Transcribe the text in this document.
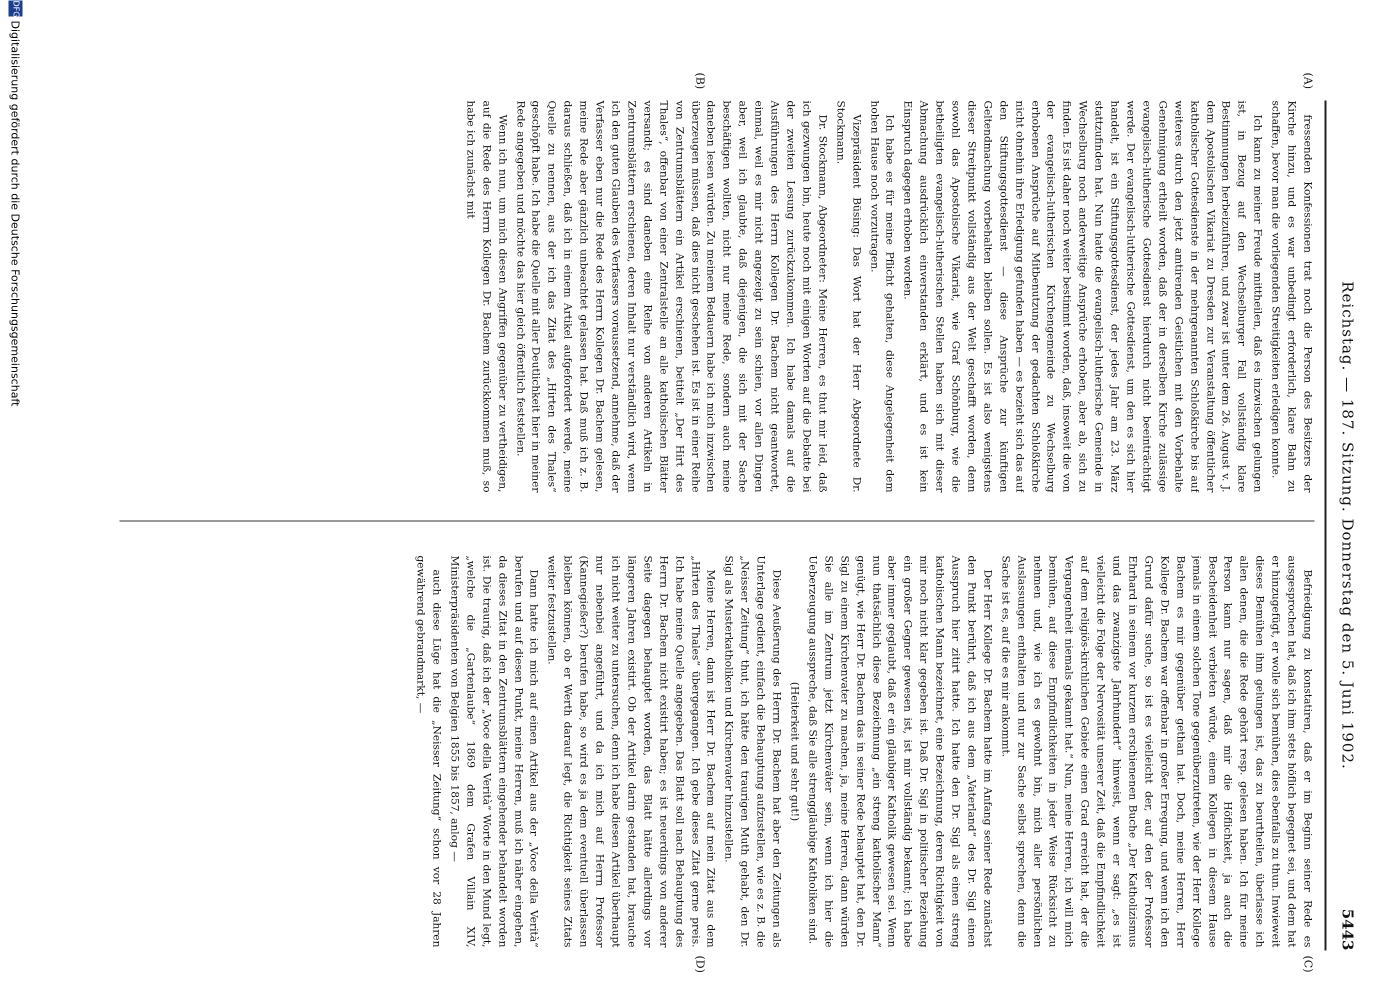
Reichstag. — 187. Sitzung. Donnerstag den 5. Juni 1902.
5443
(A)
(B)
(C)
(D)

fressenden Konfessionen trat noch die Person des Besitzers der Kirche hinzu, und es war unbedingt erforderlich, klare Bahn zu schaffen, bevor man die vorliegenden Streitigkeiten erledigen konnte.

Ich kann zu meiner Freude mittheilen, daß es inzwischen gelungen ist, in Bezug auf den Wechselburger Fall vollständig klare Bestimmungen herbeizuführen, und zwar ist unter dem 26. August v. J. dem Apostolischen Vikariat zu Dresden zur Veranstaltung öffentlicher katholischer Gottesdienste in der mehrgenannten Schloßkirche bis auf weiteres durch den jetzt amtirenden Geistlichen mit den Vorbehalte Genehmigung ertheilt worden, daß der in derselben Kirche zulässige evangelisch-lutherische Gottesdienst hierdurch nicht beeinträchtigt werde. Der evangelisch-lutherische Gottesdienst, um den es sich hier handelt, ist ein Stiftungsgottesdienst, der jedes Jahr am 23. März stattzufinden hat. Nun hatte die evangelisch-lutherische Gemeinde in Wechselburg noch anderweitige Ansprüche erhoben, aber ab, sich zu finden. Es ist daher noch weiter bestimmt worden, daß, insoweit die von der evangelisch-lutherischen Kirchengemeinde zu Wechselburg erhobenen Ansprüche auf Mitbenutzung der gedachten Schloßkirche nicht ohnehin ihre Erledigung gefunden haben — es bezieht sich das auf den Stiftungsgottesdienst — diese Ansprüche zur künftigen Geltendmachung vorbehalten bleiben sollen. Es ist also wenigstens dieser Streitpunkt vollständig aus der Welt geschafft worden, denn sowohl das Apostolische Vikariat, wie Graf Schönburg, wie die betheiligten evangelisch-lutherischen Stellen haben sich mit dieser Abmachung ausdrücklich einverstanden erklärt, und es ist kein Einspruch dagegen erhoben worden.

Ich habe es für meine Pflicht gehalten, diese Angelegenheit dem hohen Hause noch vorzutragen.

Vizepräsident Büsing: Das Wort hat der Herr Abgeordnete Dr. Stockmann.

Dr. Stockmann, Abgeordneter: Meine Herren, es thut mir leid, daß ich gezwungen bin, heute noch mit einigen Worten auf die Debatte bei der zweiten Lesung zurückzukommen. Ich habe damals auf die Ausführungen des Herrn Kollegen Dr. Bachem nicht geantwortet, einmal, weil es mir nicht angezeigt zu sein schien, vor allen Dingen aber, weil ich glaubte, daß diejenigen, die sich mit der Sache beschäftigen wollten, nicht nur meine Rede, sondern auch meine daneben lesen würden. Zu meinem Bedauern habe ich mich inzwischen überzeugen müssen, daß dies nicht geschehen ist. Es ist in einer Reihe von Zentrumsblättern ein Artikel erschienen, betitelt „Der Hirt des Thales“, offenbar von einer Zentralstelle an alle katholischen Blätter versandt; es sind daneben eine Reihe von anderen Artikeln in Zentrumsblättern erschienen, deren Inhalt nur verständlich wird, wenn ich den guten Glauben des Verfassers voraussetzend, annehme, daß der Verfasser eben nur die Rede des Herrn Kollegen Dr. Bachem gelesen, meine Rede aber gänzlich unbeachtet gelassen hat. Daß muß ich z. B. daraus schließen, daß ich in einem Artikel aufgefordert werde, meine Quelle zu nennen, aus der ich das Zitat des „Hirten des Thales“ geschöpft habe. Ich habe die Quelle mit aller Deutlichkeit hier in meiner Rede angegeben und möchte das hier gleich öffentlich feststellen.

Wenn ich nun, um mich diesen Angriffen gegenüber zu vertheidigen, auf die Rede des Herrn Kollegen Dr. Bachem zurückkommen muß, so habe ich zunächst mit

Befriedigung zu konstatiren, daß er im Beginn seiner Rede es ausgesprochen hat, daß ich ihm stets höflich begegnet sei, und dem hat er hinzugefügt, er wolle sich bemühen, dies ebenfalls zu thun. Inwieweit dieses Bemühen ihm gelungen ist, das zu beurtheilen, überlasse ich allen denen, die die Rede gehört resp. gelesen haben. Ich für meine Person kann nur sagen, daß mir die Höflichkeit, ja auch die Bescheidenheit verbieten würde, einem Kollegen in diesem Hause jemals in einem solchen Tone gegenüberzutreten, wie der Herr Kollege Bachem es mir gegenüber gethan hat. Doch, meine Herren, Herr Kollege Dr. Bachem war offenbar in großer Erregung, und wenn ich den Grund dafür suche, so ist es vielleicht der, auf den der Professor Ehrhard in seinem vor kurzem erschienenen Buche „Der Katholizismus und das zwanzigste Jahrhundert“ hinweist, wenn er sagt: „es ist vielleicht die Folge der Nervosität unserer Zeit, daß die Empfindlichkeit auf dem religiös-kirchlichen Gebiete einen Grad erreicht hat, der die Vergangenheit niemals gekannt hat.“ Nun, meine Herren, ich will mich bemühen, auf diese Empfindlichkeiten in jeder Weise Rücksicht zu nehmen und, wie ich es gewohnt bin, mich aller persönlichen Auslassungen enthalten und nur zur Sache selbst sprechen, denn die Sache ist es, auf die es mir ankommt.

Der Herr Kollege Dr. Bachem hatte im Anfang seiner Rede zunächst den Punkt berührt, daß ich aus dem „Vaterland“ des Dr. Sigl einen Ausspruch hier zitirt hatte. Ich hatte den Dr. Sigl als einen streng katholischen Mann bezeichnet, eine Bezeichnung, deren Richtigkeit von mir noch nicht klar gegeben ist. Daß Dr. Sigl in politischer Beziehung ein großer Gegner gewesen ist, ist mir vollständig bekannt; ich habe aber immer geglaubt, daß er ein gläubiger Katholik gewesen sei. Wenn nun thatsächlich diese Bezeichnung „ein streng katholischer Mann“ genügt, wie Herr Dr. Bachem das in seiner Rede behauptet hat, den Dr. Sigl zu einem Kirchenvater zu machen, ja, meine Herren, dann würden Sie alle im Zentrum jetzt Kirchenväter sein, wenn ich hier die Ueberzeugung ausspreche, daß Sie alle strenggläubige Katholiken sind.

(Heiterkeit und sehr gut!)

Diese Aeußerung des Herrn Dr. Bachem hat aber den Zeitungen als Unterlage gedient, einfach die Behauptung aufzustellen, wie es z. B. die „Neisser Zeitung“ thut, ich hätte den traurigen Muth gehabt, den Dr. Sigl als Musterkatholiken und Kirchenvater hinzustellen.

Meine Herren, dann ist Herr Dr. Bachem auf mein Zitat aus dem „Hirten des Thales“ übergegangen. Ich gebe dieses Zitat gerne preis. Ich habe meine Quelle angegeben. Das Blatt soll nach Behauptung des Herrn Dr. Bachem nicht existirt haben; es ist neuerdings von anderer Seite dagegen behauptet worden, das Blatt hätte allerdings vor längeren Jahren existirt. Ob der Artikel darin gestanden hat, brauche ich nicht weiter zu untersuchen, denn ich habe diesen Artikel überhaupt nur nebenbei angeführt, und da ich mich auf Herrn Professor (Kannegießer?) berufen habe, so wird es ja dem eventuell überlassen bleiben können, ob er Werth darauf legt, die Richtigkeit seines Zitats weiter festzustellen.

Dann hatte ich mich auf einen Artikel aus der „Voce della Verità“ berufen und auf diesen Punkt, meine Herren, muß ich näher eingehen, da dieses Zitat in den Zentrumsblättern eingehender behandelt worden ist. Die traurig, daß ich der „Voce della Verità“ Worte in den Mund legt, „welche die „Gartenlaube“ 1869 dem Grafen Villain XIV, Ministerpräsidenten von Belgien 1855 bis 1857, anlog —

auch diese Lüge hat die „Neisser Zeitung“ schon vor 28 Jahren gewährend gebrandmarkt, —

DFG
Digitalisierung gefördert durch die Deutsche Forschungsgemeinschaft
